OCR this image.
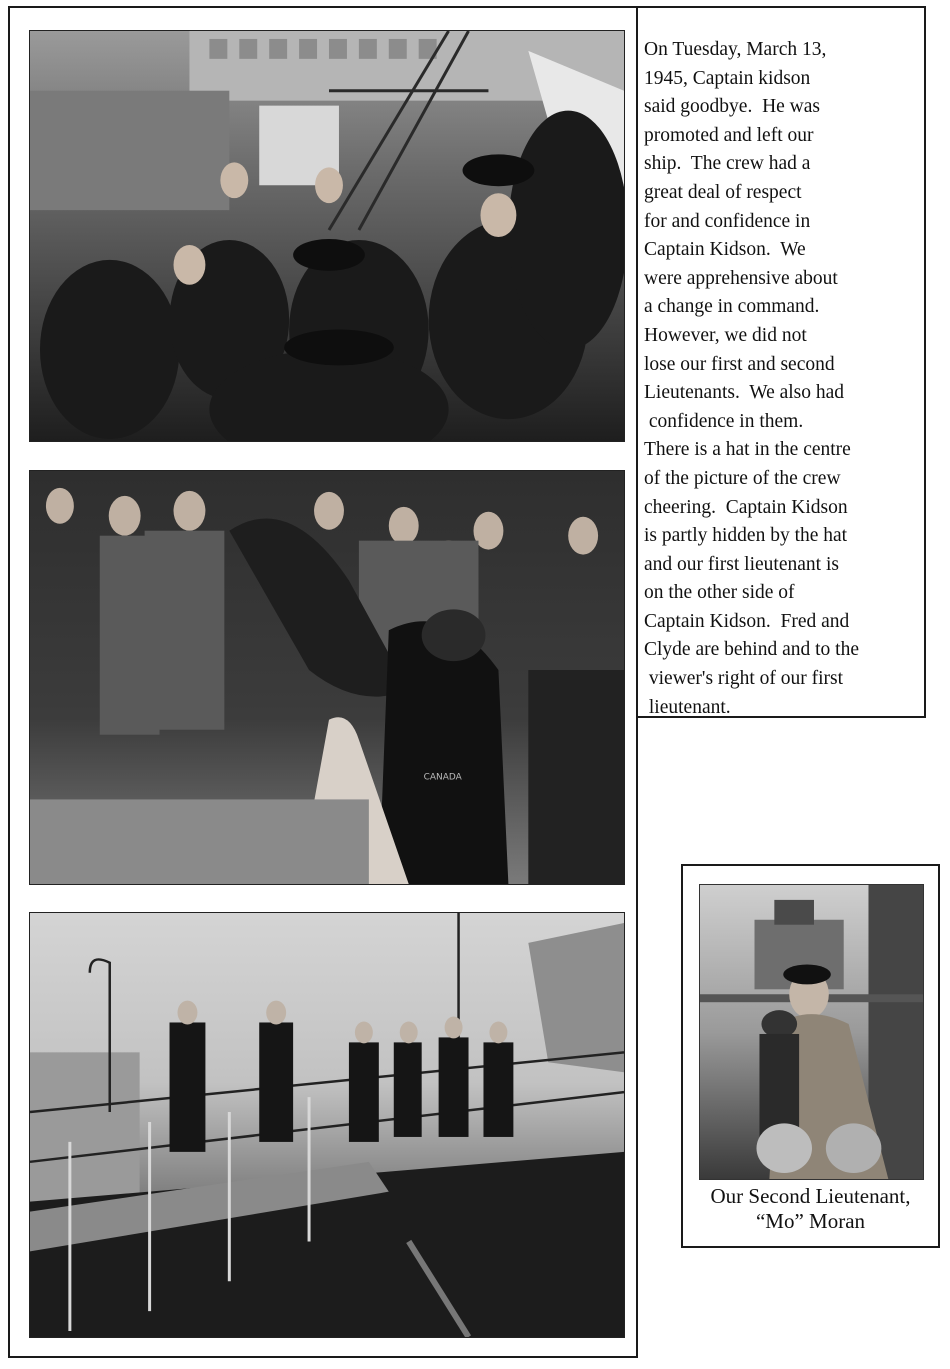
On Tuesday, March 13,
1945, Captain kidson
said goodbye.  He was
promoted and left our
ship.  The crew had a
great deal of respect
for and confidence in
Captain Kidson.  We
were apprehensive about
a change in command.
However, we did not
lose our first and second
Lieutenants.  We also had
confidence in them.
There is a hat in the centre
of the picture of the crew
cheering.  Captain Kidson
is partly hidden by the hat
and our first lieutenant is
on the other side of
Captain Kidson.  Fred and
Clyde are behind and to the
viewer's right of our first
lieutenant.

CANADA

Our Second Lieutenant,
“Mo” Moran
